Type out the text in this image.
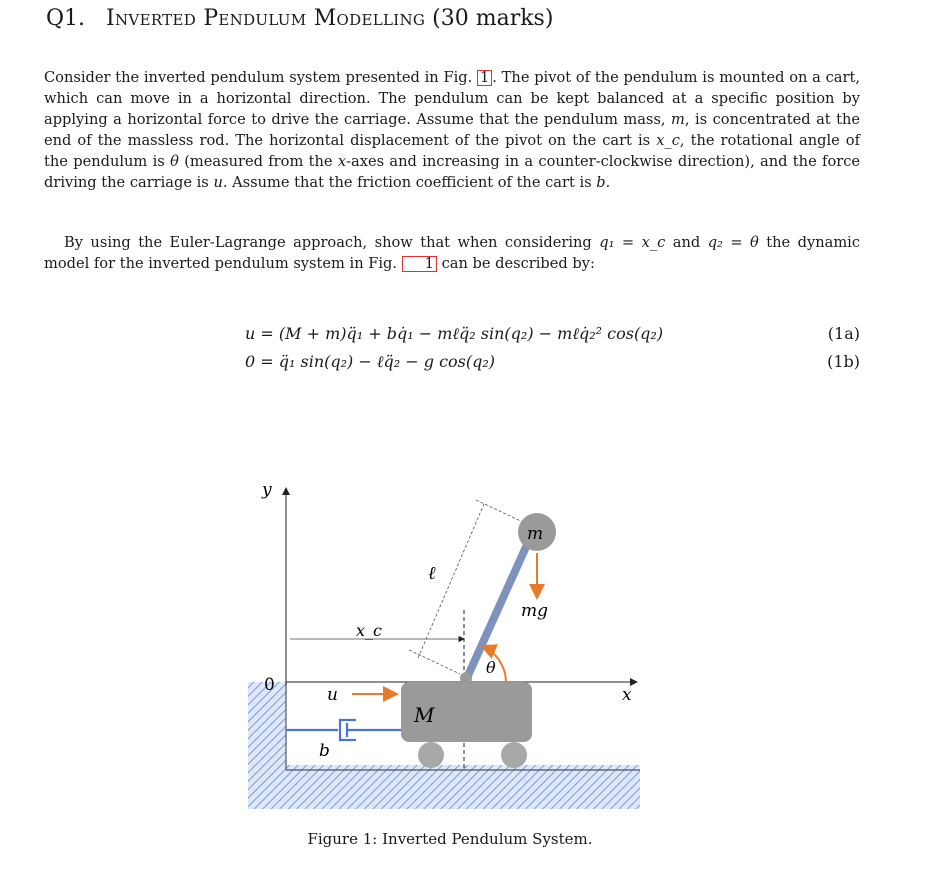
Q1. Inverted Pendulum Modelling (30 marks)

Consider the inverted pendulum system presented in Fig. 1 . The pivot of the pendulum is mounted on a cart, which can move in a horizontal direction. The pendulum can be kept balanced at a specific position by applying a horizontal force to drive the carriage. Assume that the pendulum mass, m, is concentrated at the end of the massless rod. The horizontal displacement of the pivot on the cart is x_c, the rotational angle of the pendulum is θ (measured from the x-axes and increasing in a counter-clockwise direction), and the force driving the carriage is u. Assume that the friction coefficient of the cart is b.

By using the Euler-Lagrange approach, show that when considering q₁ = x_c and q₂ = θ the dynamic model for the inverted pendulum system in Fig. 1 can be described by:

u = (M + m)q̈₁ + bq̇₁ − mℓq̈₂ sin(q₂) − mℓq̇₂² cos(q₂)	(1a)
0 = q̈₁ sin(q₂) − ℓq̈₂ − g cos(q₂)	(1b)
y
x
0
x_c
M
u
b
ℓ
θ
m
mg
Figure 1: Inverted Pendulum System.
